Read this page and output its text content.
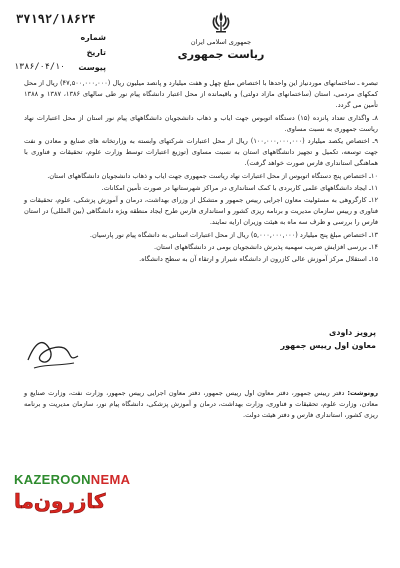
۳۷۱۹۲/۱۸۶۲۴
شماره
تاریخ
پیوست
۱۳۸۶/۰۴/۱۰
جمهوری اسلامی ایران
ریاست جمهوری

تبصره ـ ساختمانهای موردنیاز این واحدها با اختصاص مبلغ چهل و هفت میلیارد و پانصد میلیون ریال (۴۷,۵۰۰,۰۰۰,۰۰۰) ریال از محل کمکهای مردمی، استان (ساختمانهای مازاد دولتی) و باقیمانده از محل اعتبار دانشگاه پیام نور طی سالهای ۱۳۸۶، ۱۳۸۷ و ۱۳۸۸ تأمین می گردد.

۸ـ واگذاری تعداد پانزده (۱۵) دستگاه اتوبوس جهت ایاب و ذهاب دانشجویان دانشگاههای پیام نور استان از محل اعتبارات نهاد ریاست جمهوری به نسبت مساوی.

۹ـ اختصاص یکصد میلیارد (۱۰۰,۰۰۰,۰۰۰,۰۰۰) ریال از محل اعتبارات شرکتهای وابسته به وزارتخانه های صنایع و معادن و نفت جهت توسعه، تکمیل و تجهیز دانشگاههای استان به نسبت مساوی (توزیع اعتبارات توسط وزارت علوم، تحقیقات و فناوری با هماهنگی استانداری فارس صورت خواهد گرفت).

۱۰ـ اختصاص پنج دستگاه اتوبوس از محل اعتبارات نهاد ریاست جمهوری جهت ایاب و ذهاب دانشجویان دانشگاههای استان.

۱۱ـ ایجاد دانشگاههای علمی کاربردی با کمک استانداری در مراکز شهرستانها در صورت تأمین امکانات.

۱۲ـ کارگروهی به مسئولیت معاون اجرایی رییس جمهور و متشکل از وزرای بهداشت، درمان و آموزش پزشکی، علوم، تحقیقات و فناوری و رییس سازمان مدیریت و برنامه ریزی کشور و استانداری فارس طرح ایجاد منطقه ویژه دانشگاهی (بین المللی) در استان فارس را بررسی و ظرف سه ماه به هیئت وزیران ارایه نمایند.

۱۳ـ اختصاص مبلغ پنج میلیارد (۵,۰۰۰,۰۰۰,۰۰۰) ریال از محل اعتبارات استانی به دانشگاه پیام نور پارسیان.

۱۴ـ بررسی افزایش ضریب سهمیه پذیرش دانشجویان بومی در دانشگاههای استان.

۱۵ـ استقلال مرکز آموزش عالی کازرون از دانشگاه شیراز و ارتقاء آن به سطح دانشگاه.

پرویز داودی
معاون اول رییس جمهور
رونوشت: دفتر رییس جمهور، دفتر معاون اول رییس جمهور، دفتر معاون اجرایی رییس جمهور، وزارت نفت، وزارت صنایع و معادن، وزارت علوم، تحقیقات و فناوری، وزارت بهداشت، درمان و آموزش پزشکی، دانشگاه پیام نور، سازمان مدیریت و برنامه ریزی کشور، استانداری فارس و دفتر هیئت دولت.
KAZEROONNEMA
کازرون‌ما
